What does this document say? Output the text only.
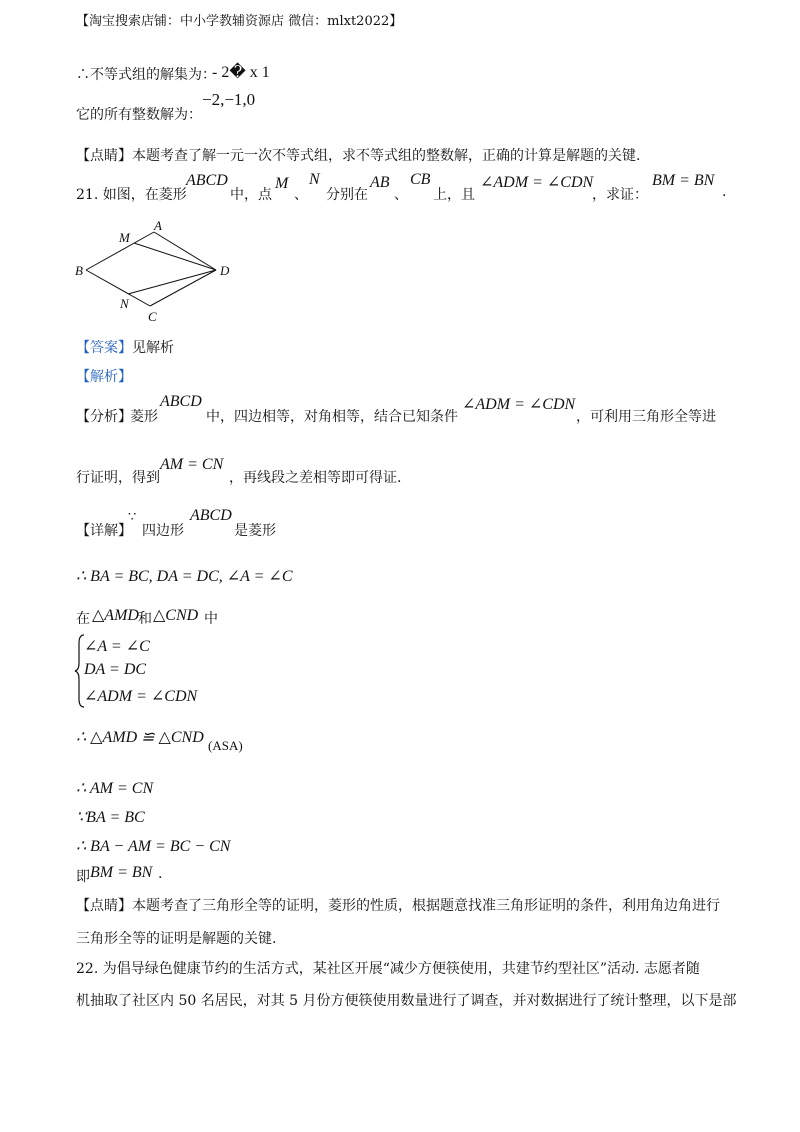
【淘宝搜索店铺：中小学教辅资源店 微信：mlxt2022】
∴不等式组的解集为：
- 2� x 1
它的所有整数解为：
−2,−1,0
【点睛】本题考查了解一元一次不等式组，求不等式组的整数解，正确的计算是解题的关键.
21. 如图，在菱形
ABCD
中，点
M
、
N
分别在
AB
、
CB
上，且
∠ADM = ∠CDN
，求证：
BM = BN
.
A
B
C
D
M
N
【答案】 见解析
【解析】
【分析】
菱形
ABCD
中，四边相等，对角相等，结合已知条件
∠ADM = ∠CDN
，可利用三角形全等进
行证明，得到
AM = CN
，再线段之差相等即可得证.
【详解】
∵
四边形
ABCD
是菱形
∴ BA = BC, DA = DC, ∠A = ∠C
在 △AMD 和 △CND 中
∠A = ∠C
DA = DC
∠ADM = ∠CDN
∴ △AMD ≌ △CND (ASA)
∴ AM = CN
∵BA = BC
∴ BA − AM = BC − CN
即 BM = BN .
【点睛】本题考查了三角形全等的证明，菱形的性质，根据题意找准三角形证明的条件，利用角边角进行
三角形全等的证明是解题的关键.
22. 为倡导绿色健康节约的生活方式，某社区开展“减少方便筷使用，共建节约型社区”活动. 志愿者随
机抽取了社区内 50 名居民，对其 5 月份方便筷使用数量进行了调查，并对数据进行了统计整理，以下是部
